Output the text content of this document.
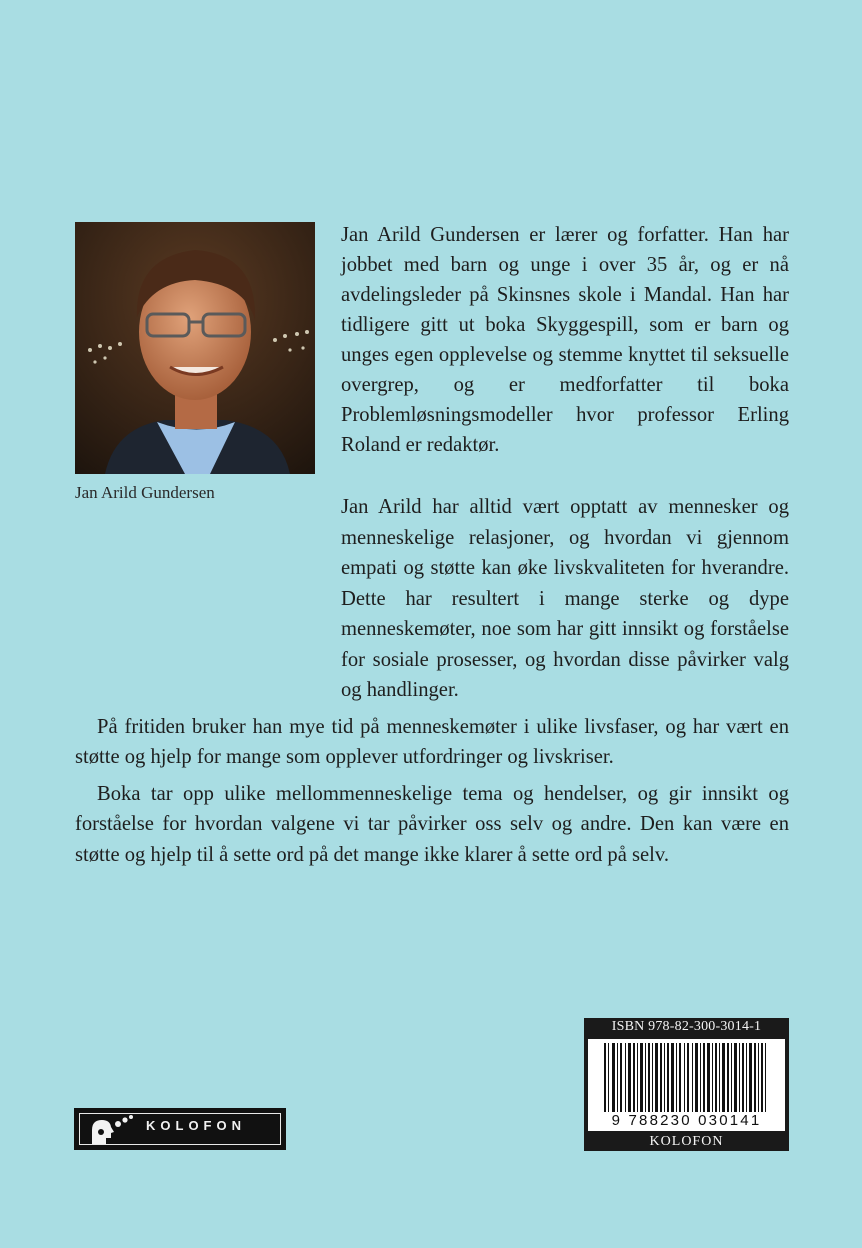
Jan Arild Gundersen

Jan Arild Gundersen er lærer og forfatter. Han har jobbet med barn og unge i over 35 år, og er nå avdelingsleder på Skinsnes skole i Mandal. Han har tidligere gitt ut boka Skyggespill, som er barn og unges egen opplevelse og stemme knyttet til seksuelle overgrep, og er medforfatter til boka Problemløsningsmodeller hvor professor Erling Roland er redaktør.

Jan Arild har alltid vært opptatt av mennesker og menneskelige relasjoner, og hvordan vi gjennom empati og støtte kan øke livskvaliteten for hverandre. Dette har resultert i mange sterke og dype menneskemøter, noe som har gitt innsikt og forståelse for sosiale prosesser, og hvordan disse påvirker valg og handlinger.

På fritiden bruker han mye tid på menneskemøter i ulike livsfaser, og har vært en støtte og hjelp for mange som opplever utfordringer og livskriser.

Boka tar opp ulike mellommenneskelige tema og hendelser, og gir innsikt og forståelse for hvordan valgene vi tar påvirker oss selv og andre. Den kan være en støtte og hjelp til å sette ord på det mange ikke klarer å sette ord på selv.

KOLOFON
ISBN 978-82-300-3014-1
9 788230 030141
KOLOFON
